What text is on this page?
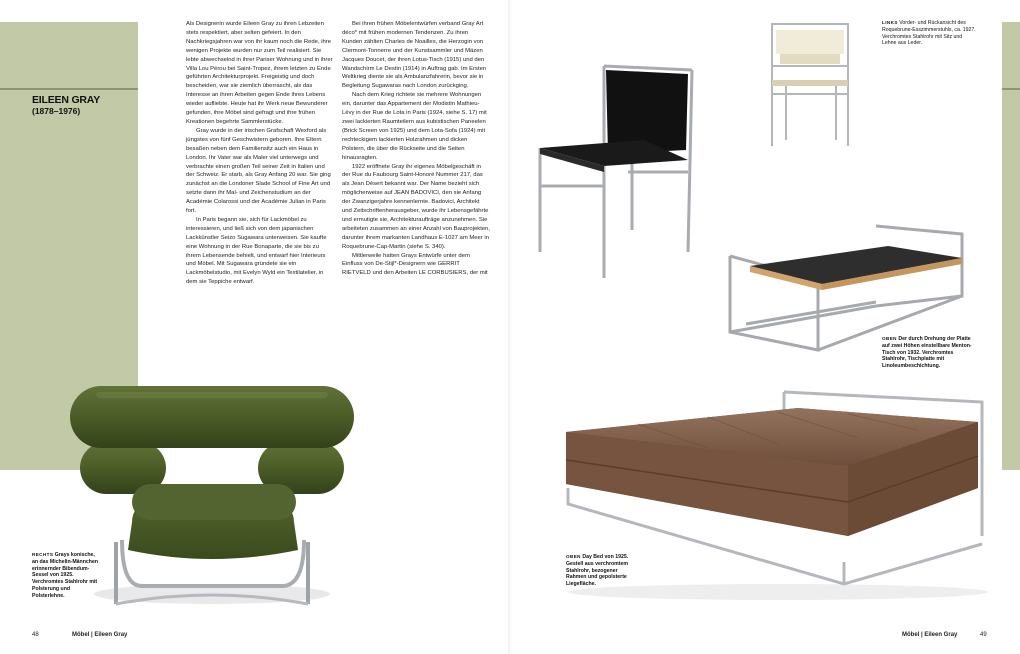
EILEEN GRAY
(1878–1976)

Als Designerin wurde Eileen Gray zu ihren Lebzeiten stets respektiert, aber selten gefeiert. In den Nachkriegsjahren war von ihr kaum noch die Rede, ihre wenigen Projekte wurden nur zum Teil realisiert. Sie lebte abwechselnd in ihrer Pariser Wohnung und in ihrer Villa Lou Pérou bei Saint-Tropez, ihrem letzten zu Ende geführten Architekturprojekt. Freigeistig und doch bescheiden, war sie ziemlich überrascht, als das Interesse an ihren Arbeiten gegen Ende ihres Lebens wieder aufliebte. Heute hat ihr Werk neue Bewunderer gefunden, ihre Möbel sind gefragt und ihre frühen Kreationen begehrte Sammlerstücke.

Gray wurde in der irischen Grafschaft Wexford als jüngstes von fünf Geschwistern geboren. Ihre Eltern besaßen neben dem Familiensitz auch ein Haus in London. Ihr Vater war als Maler viel unterwegs und verbrachte einen großen Teil seiner Zeit in Italien und der Schweiz. Er starb, als Gray Anfang 20 war. Sie ging zunächst an die Londoner Slade School of Fine Art und setzte dann ihr Mal- und Zeichenstudium an der Académie Colarossi und der Académie Julian in Paris fort.

In Paris begann sie, sich für Lackmöbel zu interessieren, und ließ sich von dem japanischen Lackkünstler Seizo Sugawara unterweisen. Sie kaufte eine Wohnung in der Rue Bonaparte, die sie bis zu ihrem Lebensende behielt, und entwarf hier Interieurs und Möbel. Mit Sugawara gründete sie ein Lackmöbelstudio, mit Evelyn Wyld ein Textilatelier, in dem sie Teppiche entwarf.

Bei ihren frühen Möbelentwürfen verband Gray Art déco* mit frühen modernen Tendenzen. Zu ihren Kunden zählten Charles de Noailles, die Herzogin von Clermont-Tonnerre und der Kunstsammler und Mäzen Jacques Doucet, der ihren Lotus-Tisch (1915) und den Wandschirm Le Destin (1914) in Auftrag gab. Im Ersten Weltkrieg diente sie als Ambulanzfahrerin, bevor sie in Begleitung Sugawaras nach London zurückging.

Nach dem Krieg richtete sie mehrere Wohnungen ein, darunter das Appartement der Modistin Mathieu-Lévy in der Rue de Lota in Paris (1924, siehe S. 17) mit zwei lackierten Raumteilern aus kubistischen Paneelen (Brick Screen von 1925) und dem Lota-Sofa (1924) mit rechteckigem lackierten Holzrahmen und dicken Polstern, die über die Rückseite und die Seiten hinausragten.

1922 eröffnete Gray ihr eigenes Möbelgeschäft in der Rue du Faubourg Saint-Honoré Nummer 217, das als Jean Désert bekannt war. Der Name bezieht sich möglicherweise auf JEAN BADOVICI, den sie Anfang der Zwanzigerjahre kennenlernte. Badovici, Architekt und Zeitschriftenherausgeber, wurde ihr Lebensgefährte und ermutigte sie, Architekturaufträge anzunehmen. Sie arbeiteten zusammen an einer Anzahl von Bauprojekten, darunter ihrem markanten Landhaus E-1027 am Meer in Roquebrune-Cap-Martin (siehe S. 340).

Mittlerweile hatten Grays Entwürfe unter dem Einfluss von De-Stijl*-Designern wie GERRIT RIETVELD und den Arbeiten LE CORBUSIERS, der mit

RECHTS Grays konische, an das Michelin-Männchen erinnernder Bibendum-Sessel von 1925. Verchromtes Stahlrohr mit Polsterung und Polsterlehne.
LINKS Vorder- und Rückansicht des Roquebrune-Esszimmerstuhls, ca. 1927. Verchromtes Stahlrohr mit Sitz und Lehne aus Leder.
OBEN Der durch Drehung der Platte auf zwei Höhen einstellbare Menton-Tisch von 1932. Verchromtes Stahlrohr, Tischplatte mit Linoleumbeschichtung.
OBEN Day Bed von 1925. Gestell aus verchromtem Stahlrohr, bezogener Rahmen und gepolsterte Liegefläche.
48	Möbel | Eileen Gray	Möbel | Eileen Gray	49
